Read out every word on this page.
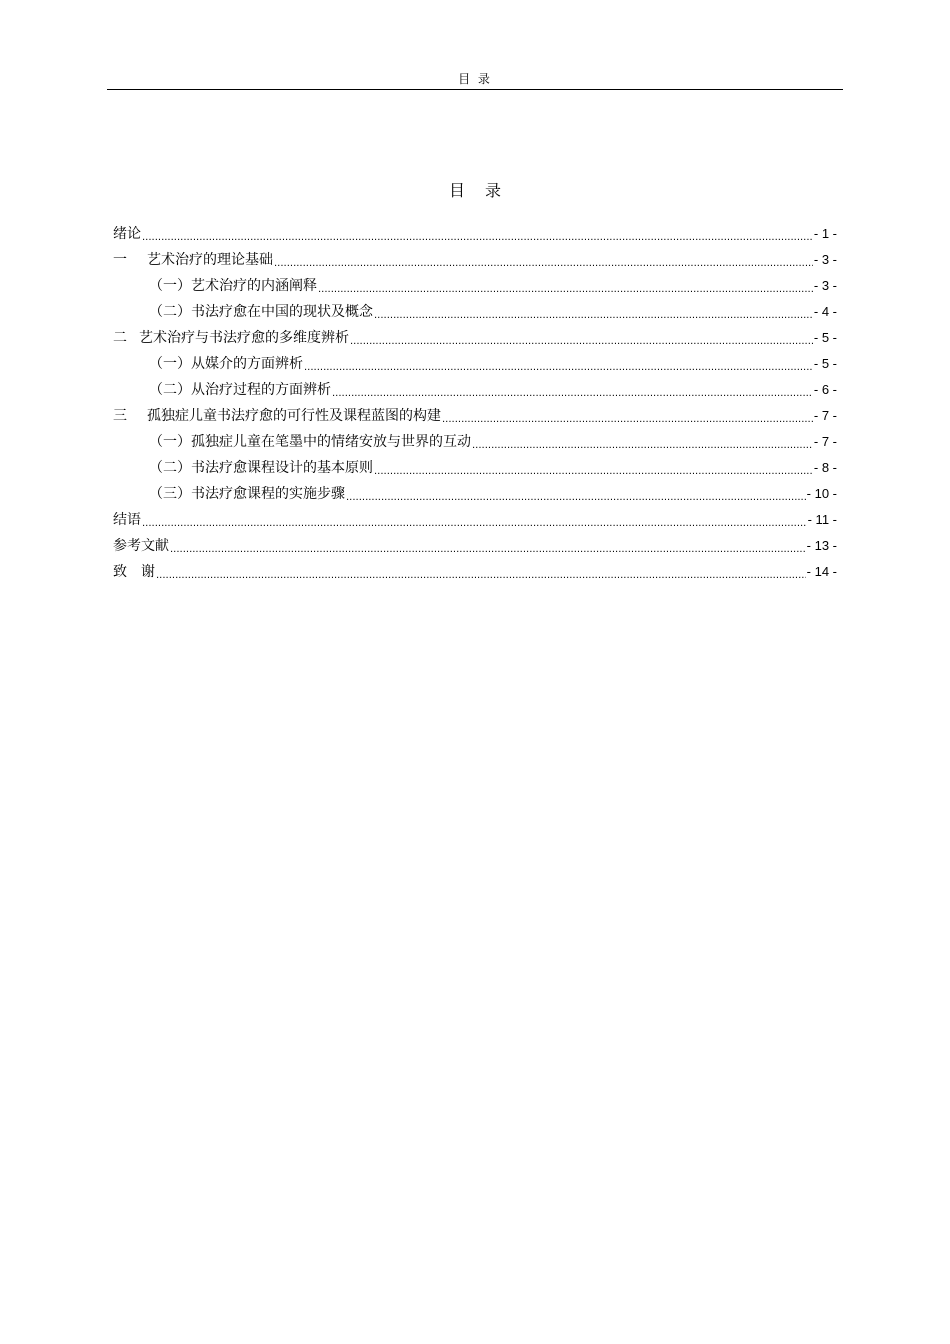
目 录
目 录
绪论 .....	- 1 -
一	艺术治疗的理论基础 .....	- 3 -
（一）艺术治疗的内涵阐释 .....	- 3 -
（二）书法疗愈在中国的现状及概念 .....	- 4 -
二 艺术治疗与书法疗愈的多维度辨析 .....	- 5 -
（一）从媒介的方面辨析 .....	- 5 -
（二）从治疗过程的方面辨析 .....	- 6 -
三	孤独症儿童书法疗愈的可行性及课程蓝图的构建 .....	- 7 -
（一）孤独症儿童在笔墨中的情绪安放与世界的互动 .....	- 7 -
（二）书法疗愈课程设计的基本原则 .....	- 8 -
（三）书法疗愈课程的实施步骤 .....	- 10 -
结语 .....	- 11 -
参考文献 .....	- 13 -
致　谢 .....	- 14 -
